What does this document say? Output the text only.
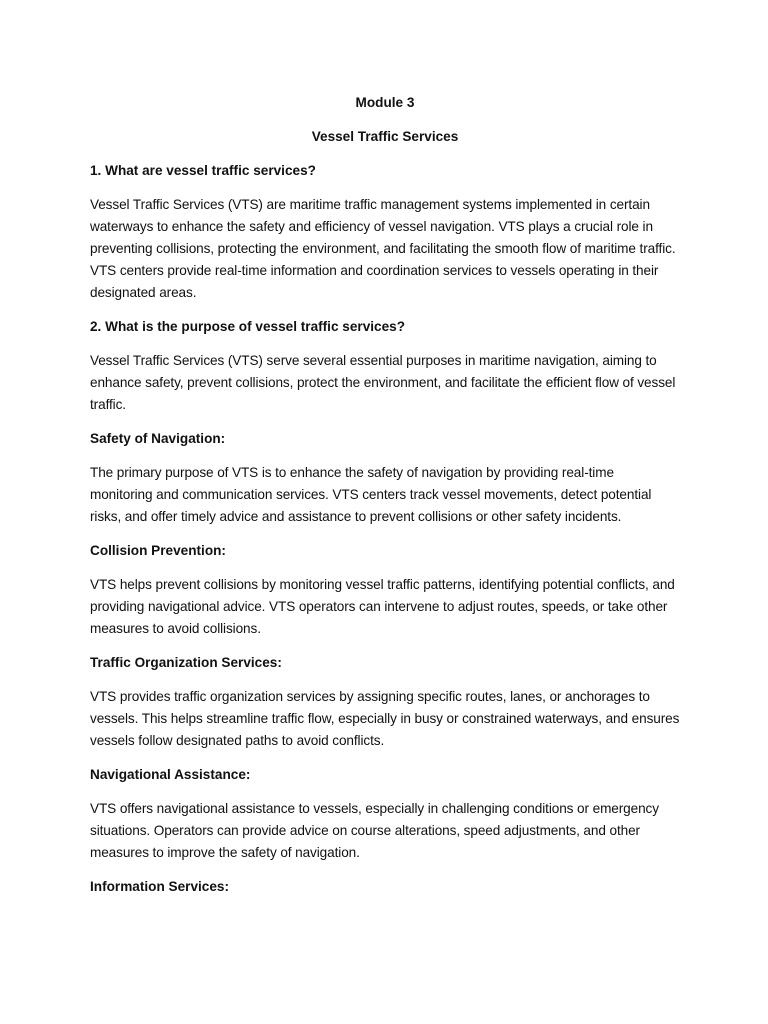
Module 3
Vessel Traffic Services
1. What are vessel traffic services?
Vessel Traffic Services (VTS) are maritime traffic management systems implemented in certain waterways to enhance the safety and efficiency of vessel navigation. VTS plays a crucial role in preventing collisions, protecting the environment, and facilitating the smooth flow of maritime traffic. VTS centers provide real-time information and coordination services to vessels operating in their designated areas.
2. What is the purpose of vessel traffic services?
Vessel Traffic Services (VTS) serve several essential purposes in maritime navigation, aiming to enhance safety, prevent collisions, protect the environment, and facilitate the efficient flow of vessel traffic.
Safety of Navigation:
The primary purpose of VTS is to enhance the safety of navigation by providing real-time monitoring and communication services. VTS centers track vessel movements, detect potential risks, and offer timely advice and assistance to prevent collisions or other safety incidents.
Collision Prevention:
VTS helps prevent collisions by monitoring vessel traffic patterns, identifying potential conflicts, and providing navigational advice. VTS operators can intervene to adjust routes, speeds, or take other measures to avoid collisions.
Traffic Organization Services:
VTS provides traffic organization services by assigning specific routes, lanes, or anchorages to vessels. This helps streamline traffic flow, especially in busy or constrained waterways, and ensures vessels follow designated paths to avoid conflicts.
Navigational Assistance:
VTS offers navigational assistance to vessels, especially in challenging conditions or emergency situations. Operators can provide advice on course alterations, speed adjustments, and other measures to improve the safety of navigation.
Information Services:
